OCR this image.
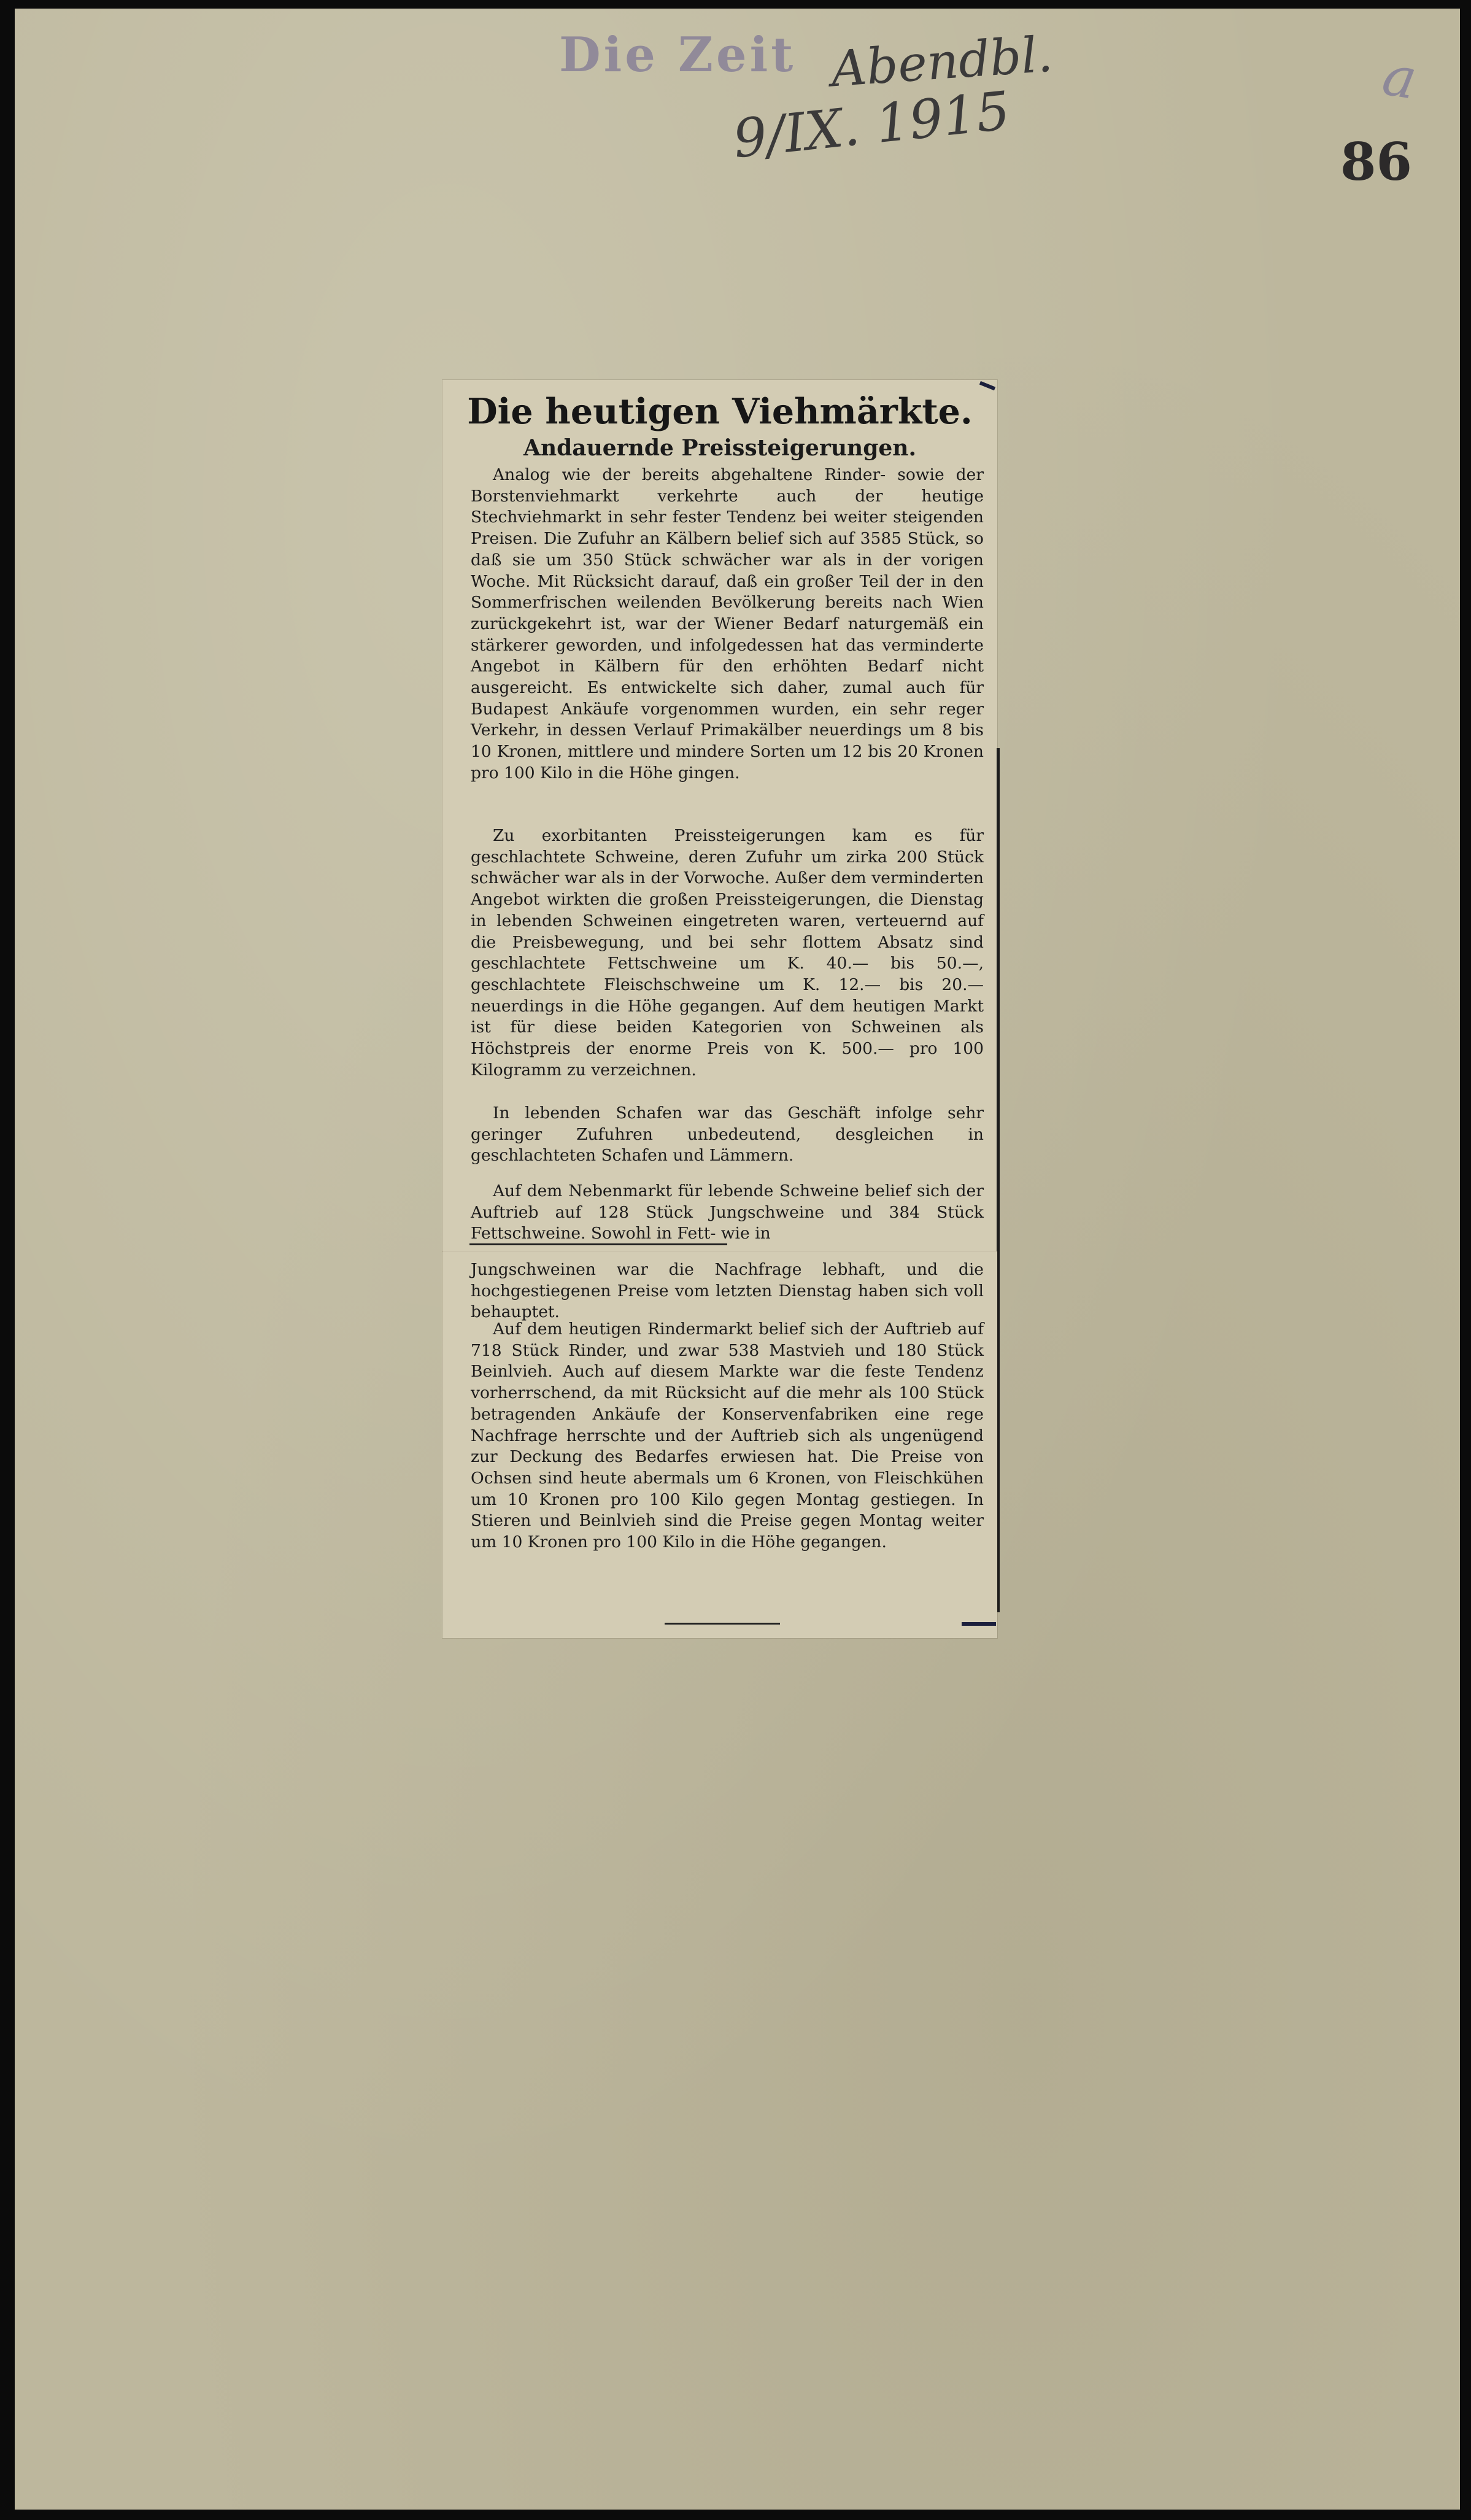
Die Zeit Abendbl.
9/IX. 1915
a
86
Die heutigen Viehmärkte.
Andauernde Preissteigerungen.

Analog wie der bereits abgehaltene Rinder- sowie der Borstenviehmarkt verkehrte auch der heutige Stechviehmarkt in sehr fester Tendenz bei weiter steigenden Preisen. Die Zufuhr an Kälbern belief sich auf 3585 Stück, so daß sie um 350 Stück schwächer war als in der vorigen Woche. Mit Rücksicht darauf, daß ein großer Teil der in den Sommerfrischen weilenden Bevölkerung bereits nach Wien zurückgekehrt ist, war der Wiener Bedarf naturgemäß ein stärkerer geworden, und infolgedessen hat das verminderte Angebot in Kälbern für den erhöhten Bedarf nicht ausgereicht. Es entwickelte sich daher, zumal auch für Budapest Ankäufe vorgenommen wurden, ein sehr reger Verkehr, in dessen Verlauf Primakälber neuerdings um 8 bis 10 Kronen, mittlere und mindere Sorten um 12 bis 20 Kronen pro 100 Kilo in die Höhe gingen.

Zu exorbitanten Preissteigerungen kam es für geschlachtete Schweine, deren Zufuhr um zirka 200 Stück schwächer war als in der Vorwoche. Außer dem verminderten Angebot wirkten die großen Preissteigerungen, die Dienstag in lebenden Schweinen eingetreten waren, verteuernd auf die Preisbewegung, und bei sehr flottem Absatz sind geschlachtete Fettschweine um K. 40.— bis 50.—, geschlachtete Fleischschweine um K. 12.— bis 20.— neuerdings in die Höhe gegangen. Auf dem heutigen Markt ist für diese beiden Kategorien von Schweinen als Höchstpreis der enorme Preis von K. 500.— pro 100 Kilogramm zu verzeichnen.

In lebenden Schafen war das Geschäft infolge sehr geringer Zufuhren unbedeutend, desgleichen in geschlachteten Schafen und Lämmern.

Auf dem Nebenmarkt für lebende Schweine belief sich der Auftrieb auf 128 Stück Jungschweine und 384 Stück Fettschweine. Sowohl in Fett- wie in

Jungschweinen war die Nachfrage lebhaft, und die hochgestiegenen Preise vom letzten Dienstag haben sich voll behauptet.

Auf dem heutigen Rindermarkt belief sich der Auftrieb auf 718 Stück Rinder, und zwar 538 Mastvieh und 180 Stück Beinlvieh. Auch auf diesem Markte war die feste Tendenz vorherrschend, da mit Rücksicht auf die mehr als 100 Stück betragenden Ankäufe der Konservenfabriken eine rege Nachfrage herrschte und der Auftrieb sich als ungenügend zur Deckung des Bedarfes erwiesen hat. Die Preise von Ochsen sind heute abermals um 6 Kronen, von Fleischkühen um 10 Kronen pro 100 Kilo gegen Montag gestiegen. In Stieren und Beinlvieh sind die Preise gegen Montag weiter um 10 Kronen pro 100 Kilo in die Höhe gegangen.
